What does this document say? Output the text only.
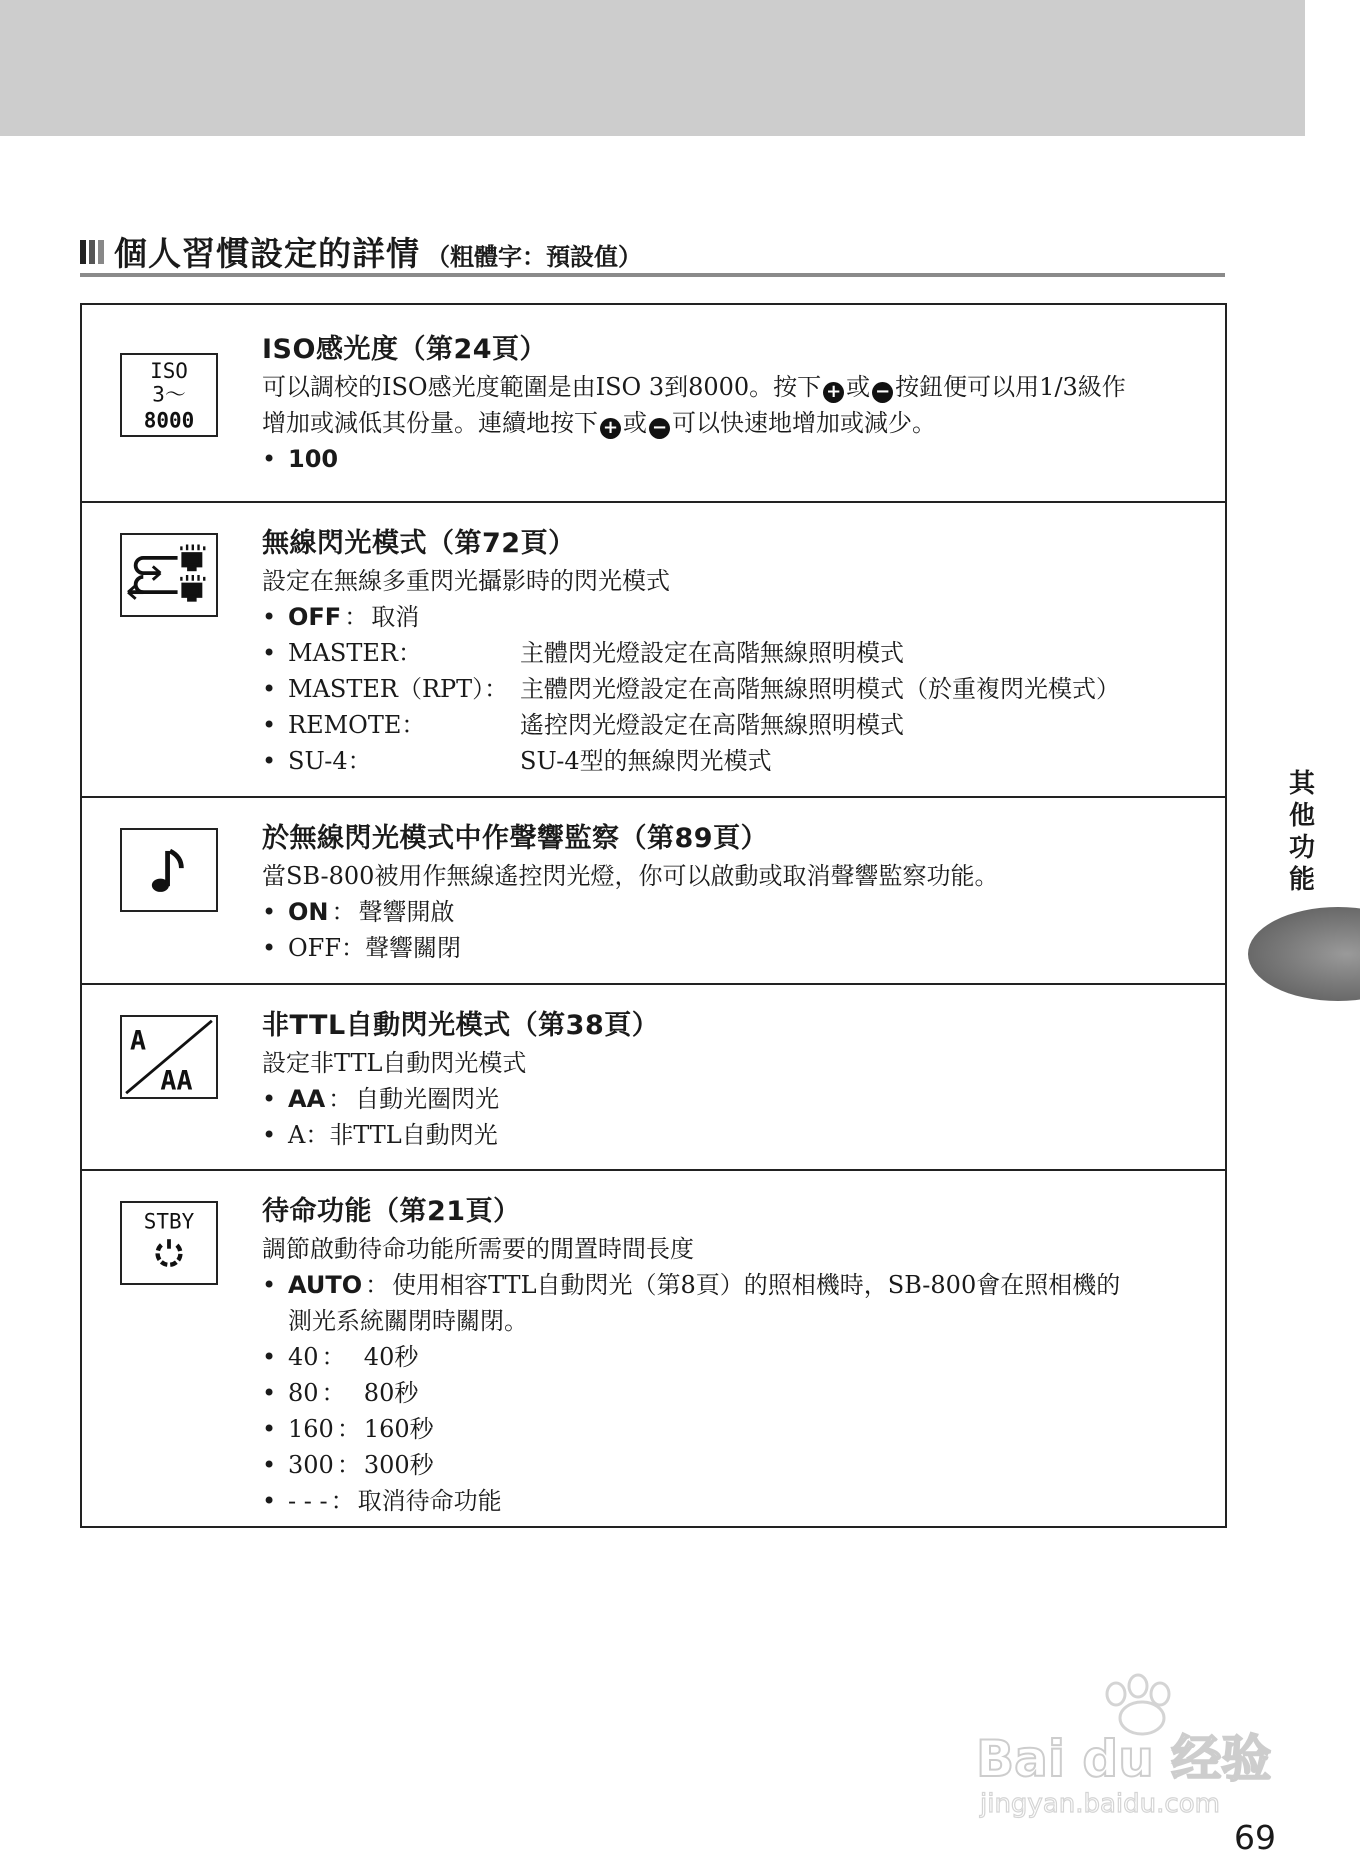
個人習慣設定的詳情 （粗體字：預設值）
ISO
3～
8000
ISO感光度（第24頁）
可以調校的ISO感光度範圍是由ISO 3到8000。按下 + 或 − 按鈕便可以用1/3級作
增加或減低其份量。連續地按下 + 或 − 可以快速地增加或減少。
• 100
無線閃光模式（第72頁）
設定在無線多重閃光攝影時的閃光模式
• OFF ： 取消
• MASTER：	主體閃光燈設定在高階無線照明模式
• MASTER（RPT）： 主體閃光燈設定在高階無線照明模式（於重複閃光模式）
• REMOTE：	遙控閃光燈設定在高階無線照明模式
• SU-4：	SU-4型的無線閃光模式
於無線閃光模式中作聲響監察（第89頁）
當SB-800被用作無線遙控閃光燈，你可以啟動或取消聲響監察功能。
• ON ： 聲響開啟
• OFF ： 聲響關閉
A
AA
非TTL自動閃光模式（第38頁）
設定非TTL自動閃光模式
• AA ： 自動光圈閃光
• A ： 非TTL自動閃光
STBY	待命功能（第21頁）
調節啟動待命功能所需要的閒置時間長度
• AUTO ： 使用相容TTL自動閃光（第8頁）的照相機時，SB-800會在照相機的
測光系統關閉時關閉。
• 40 ： 40秒
• 80 ： 80秒
• 160 ： 160秒
• 300 ： 300秒
• - - - ： 取消待命功能
其
他
功
能
Bai du 经验
jingyan.baidu.com
69
